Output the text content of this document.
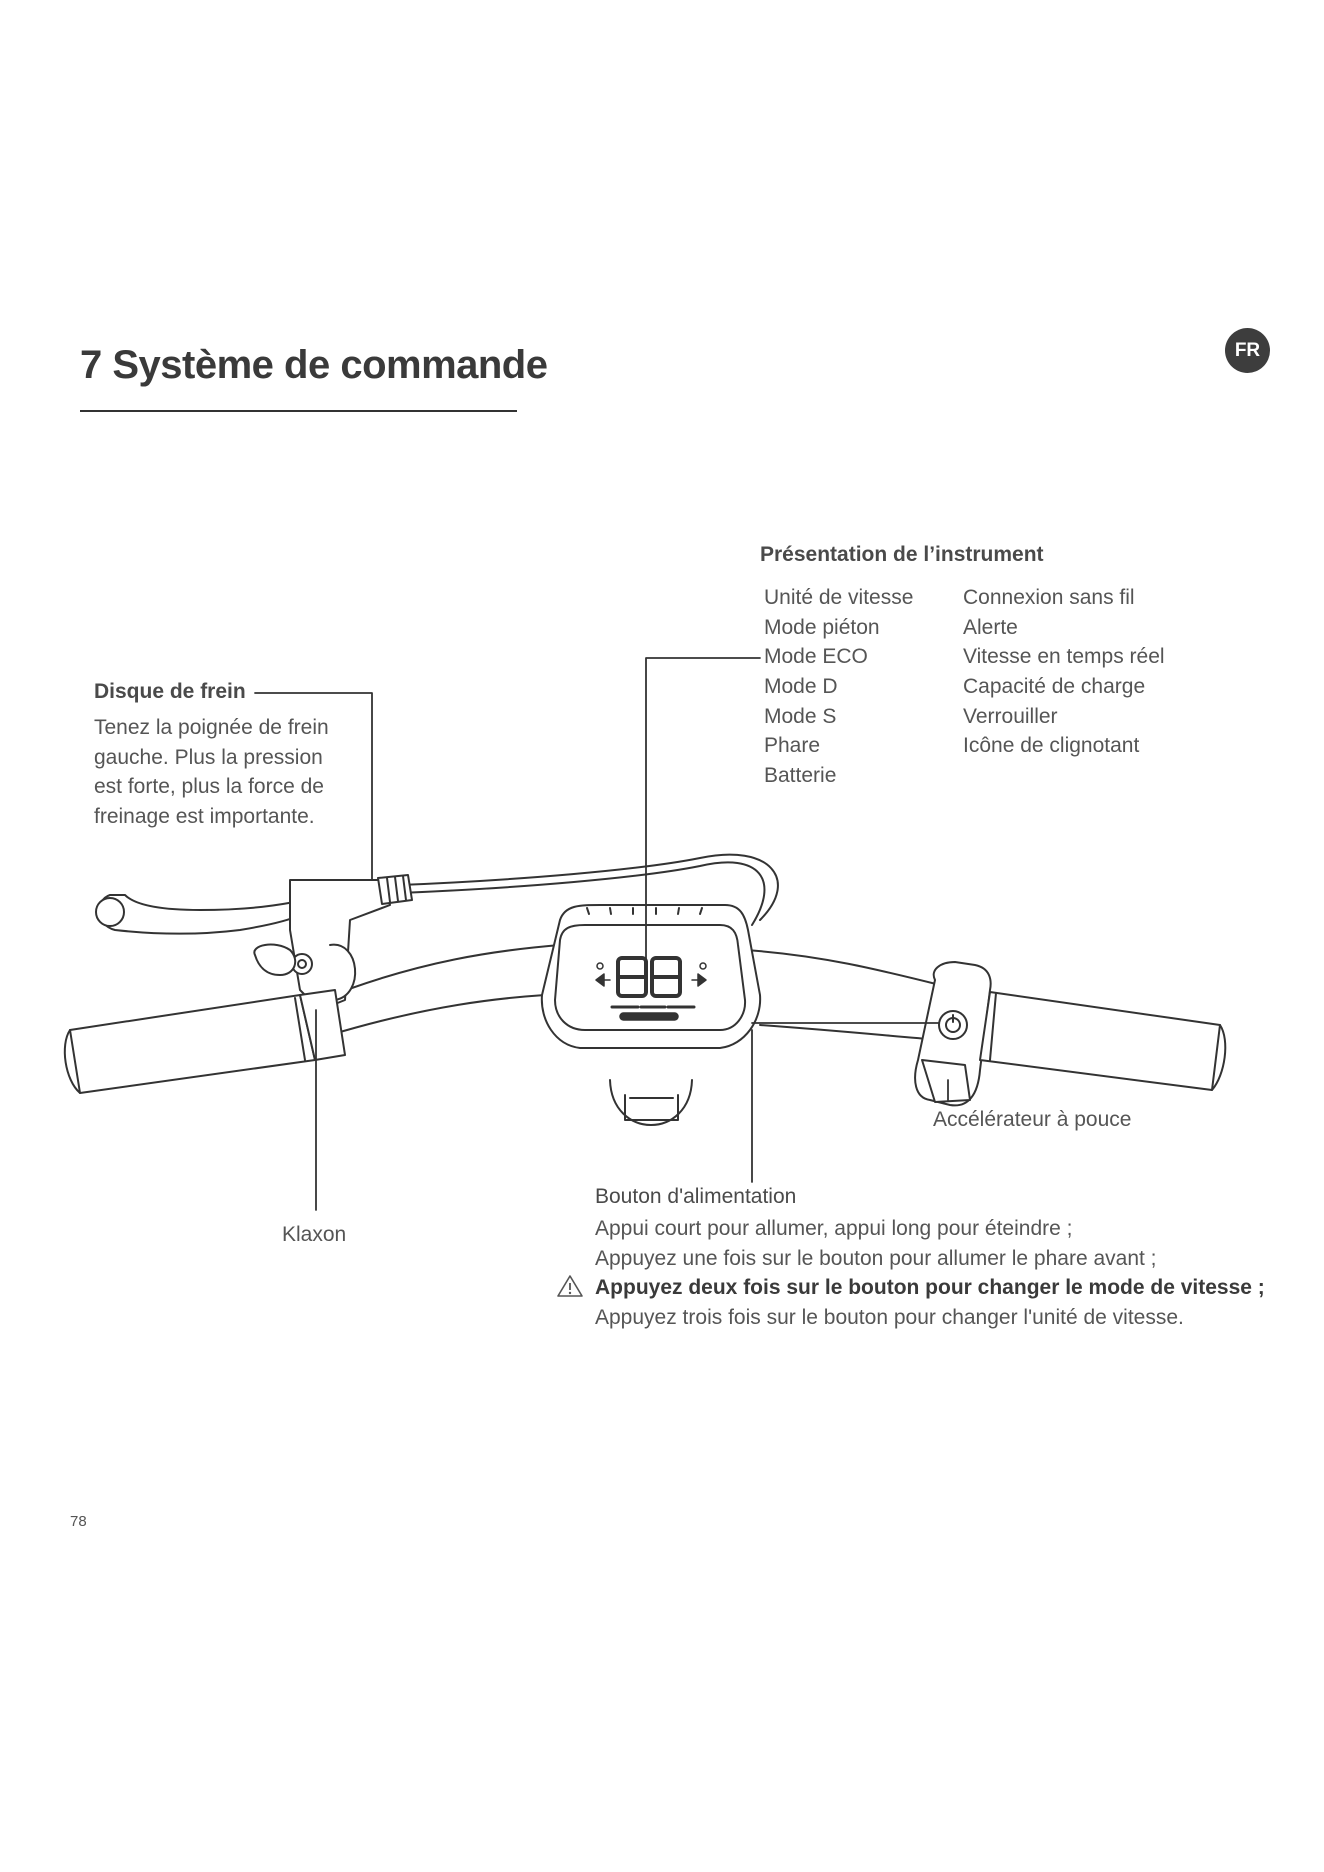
7 Système de commande	FR
Disque de frein
Tenez la poignée de frein
gauche. Plus la pression
est forte, plus la force de
freinage est importante.
Présentation de l’instrument
Unité de vitesse
Mode piéton
Mode ECO
Mode D
Mode S
Phare
Batterie
Connexion sans fil
Alerte
Vitesse en temps réel
Capacité de charge
Verrouiller
Icône de clignotant
Klaxon
Accélérateur à pouce
Bouton d'alimentation
Appui court pour allumer, appui long pour éteindre ;
Appuyez une fois sur le bouton pour allumer le phare avant ;
Appuyez deux fois sur le bouton pour changer le mode de vitesse ;
Appuyez trois fois sur le bouton pour changer l'unité de vitesse.
78
